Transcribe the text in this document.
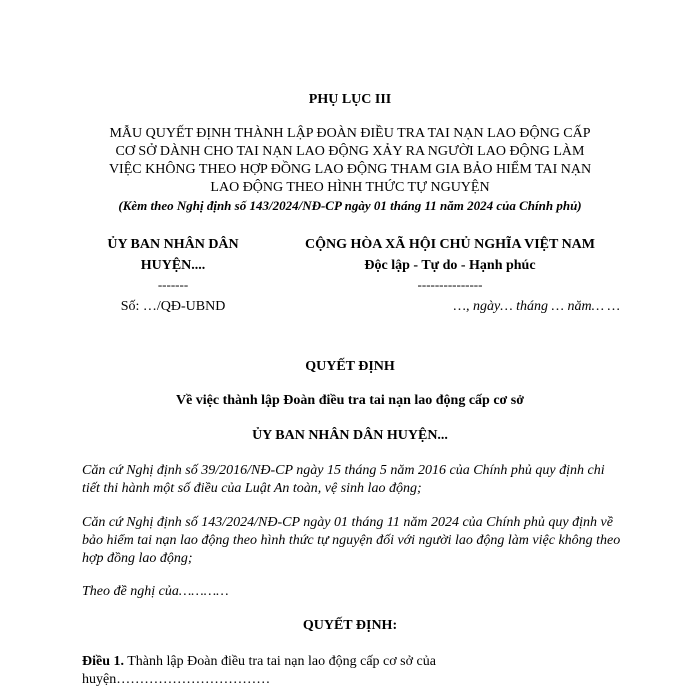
PHỤ LỤC III
MẪU QUYẾT ĐỊNH THÀNH LẬP ĐOÀN ĐIỀU TRA TAI NẠN LAO ĐỘNG CẤP
CƠ SỞ DÀNH CHO TAI NẠN LAO ĐỘNG XẢY RA NGƯỜI LAO ĐỘNG LÀM
VIỆC KHÔNG THEO HỢP ĐỒNG LAO ĐỘNG THAM GIA BẢO HIỂM TAI NẠN
LAO ĐỘNG THEO HÌNH THỨC TỰ NGUYỆN
(Kèm theo Nghị định số 143/2024/NĐ-CP ngày 01 tháng 11 năm 2024 của Chính phủ)
ỦY BAN NHÂN DÂN
HUYỆN....
-------
Số: …/QĐ-UBND
CỘNG HÒA XÃ HỘI CHỦ NGHĨA VIỆT NAM
Độc lập - Tự do - Hạnh phúc
---------------
…, ngày… tháng … năm… …
QUYẾT ĐỊNH
Về việc thành lập Đoàn điều tra tai nạn lao động cấp cơ sở
ỦY BAN NHÂN DÂN HUYỆN...
Căn cứ Nghị định số 39/2016/NĐ-CP ngày 15 tháng 5 năm 2016 của Chính phủ quy định chi tiết thi hành một số điều của Luật An toàn, vệ sinh lao động;
Căn cứ Nghị định số 143/2024/NĐ-CP ngày 01 tháng 11 năm 2024 của Chính phủ quy định về bảo hiểm tai nạn lao động theo hình thức tự nguyện đối với người lao động làm việc không theo hợp đồng lao động;
Theo đề nghị của…………
QUYẾT ĐỊNH:
Điều 1. Thành lập Đoàn điều tra tai nạn lao động cấp cơ sở của
huyện……………………………
